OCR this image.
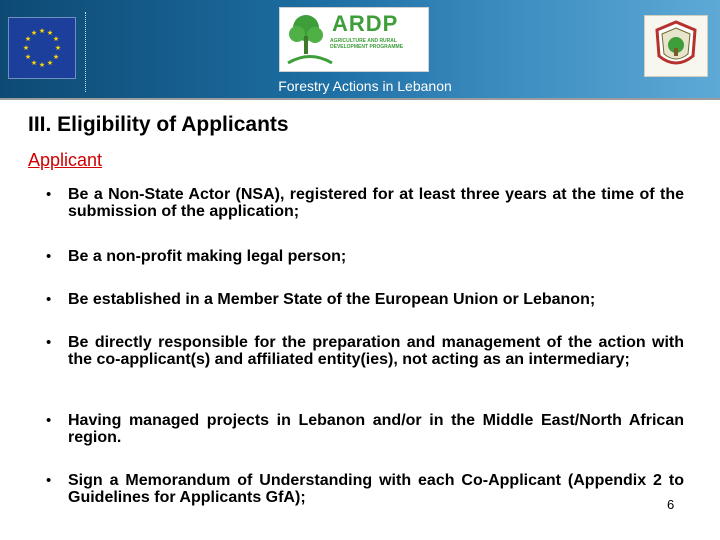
★ ★
★
★
★
★
★
★
★
★
★
★	ARDP
AGRICULTURE AND RURAL DEVELOPMENT PROGRAMME
Forestry Actions in Lebanon
III. Eligibility of Applicants
Applicant
• Be a Non-State Actor (NSA), registered for at least three years at the time of the submission of the application;
• Be a non-profit making legal person;
• Be established in a Member State of the European Union or Lebanon;
• Be directly responsible for the preparation and management of the action with the co-applicant(s) and affiliated entity(ies), not acting as an intermediary;
• Having managed projects in Lebanon and/or in the Middle East/North African region.
• Sign a Memorandum of Understanding with each Co-Applicant (Appendix 2 to Guidelines for Applicants GfA);	6
